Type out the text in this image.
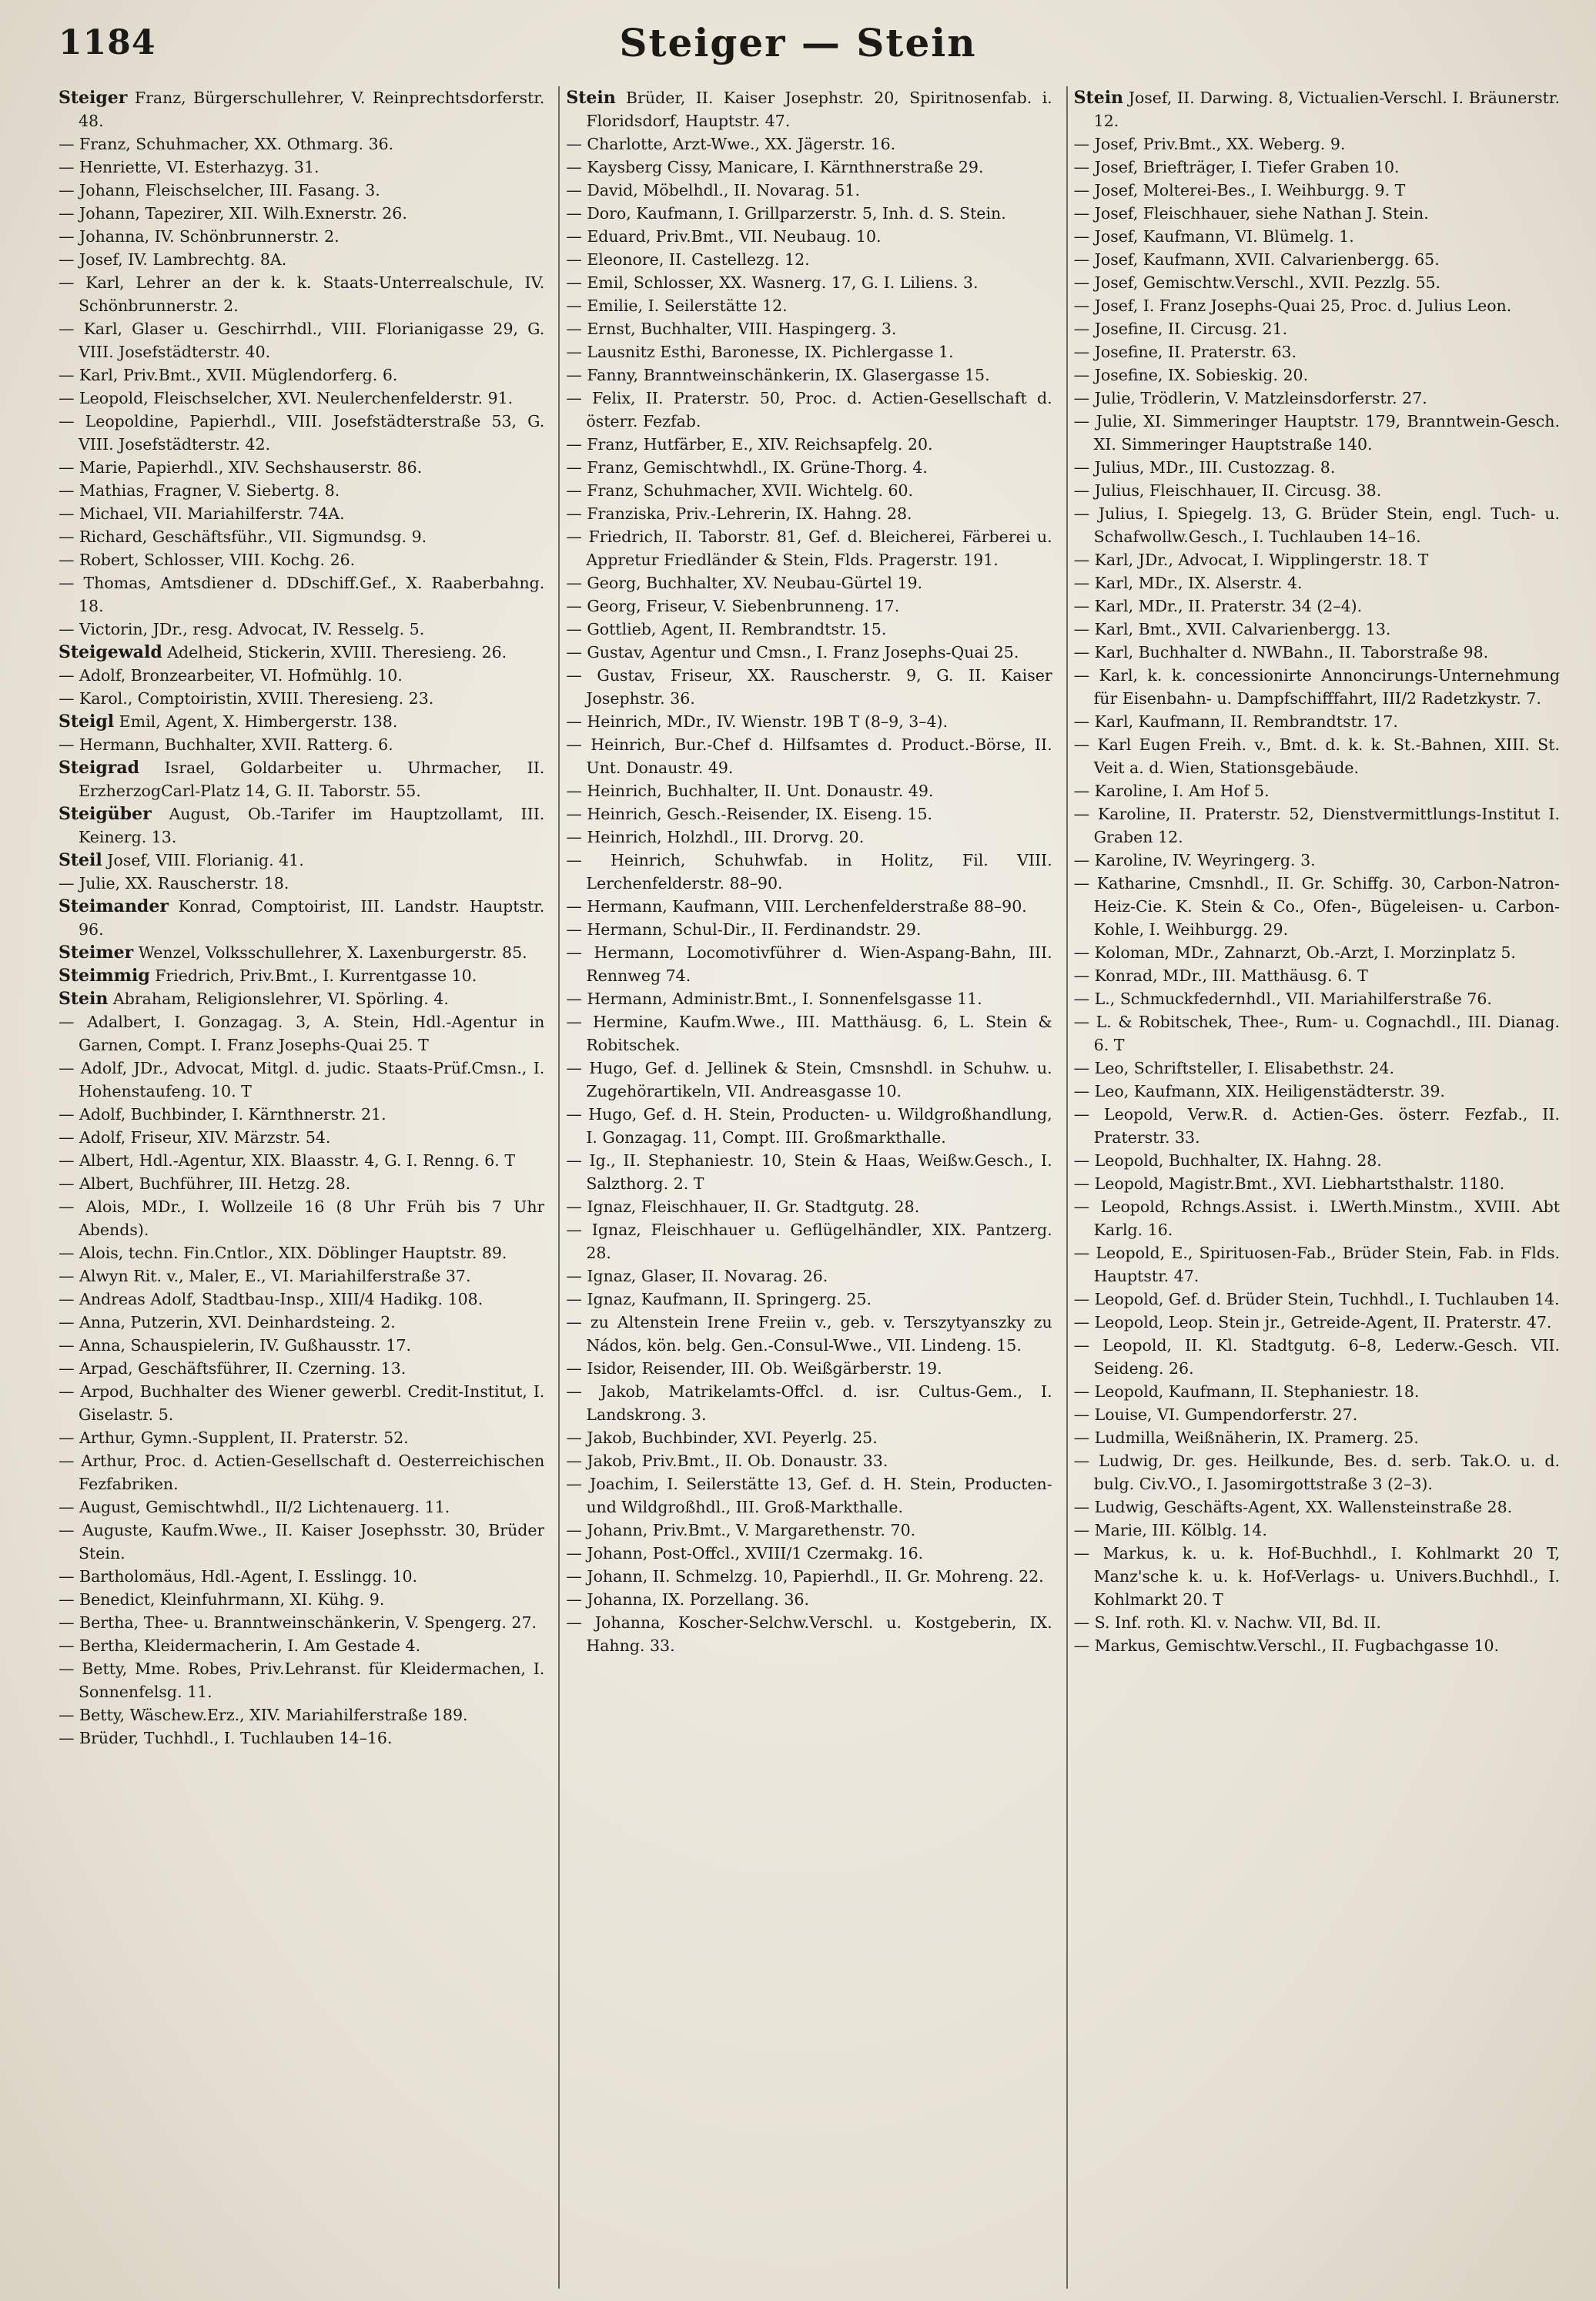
1184	Steiger — Stein

Steiger Franz, Bürgerschullehrer, V. Reinprechtsdorferstr. 48.

— Franz, Schuhmacher, XX. Othmarg. 36.

— Henriette, VI. Esterhazyg. 31.

— Johann, Fleischselcher, III. Fasang. 3.

— Johann, Tapezirer, XII. Wilh.Exnerstr. 26.

— Johanna, IV. Schönbrunnerstr. 2.

— Josef, IV. Lambrechtg. 8A.

— Karl, Lehrer an der k. k. Staats-Unterrealschule, IV. Schönbrunnerstr. 2.

— Karl, Glaser u. Geschirrhdl., VIII. Florianigasse 29, G. VIII. Josefstädterstr. 40.

— Karl, Priv.Bmt., XVII. Müglendorferg. 6.

— Leopold, Fleischselcher, XVI. Neulerchenfelderstr. 91.

— Leopoldine, Papierhdl., VIII. Josefstädterstraße 53, G. VIII. Josefstädterstr. 42.

— Marie, Papierhdl., XIV. Sechshauserstr. 86.

— Mathias, Fragner, V. Siebertg. 8.

— Michael, VII. Mariahilferstr. 74A.

— Richard, Geschäftsführ., VII. Sigmundsg. 9.

— Robert, Schlosser, VIII. Kochg. 26.

— Thomas, Amtsdiener d. DDschiff.Gef., X. Raaberbahng. 18.

— Victorin, JDr., resg. Advocat, IV. Resselg. 5.

Steigewald Adelheid, Stickerin, XVIII. Theresieng. 26.

— Adolf, Bronzearbeiter, VI. Hofmühlg. 10.

— Karol., Comptoiristin, XVIII. Theresieng. 23.

Steigl Emil, Agent, X. Himbergerstr. 138.

— Hermann, Buchhalter, XVII. Ratterg. 6.

Steigrad Israel, Goldarbeiter u. Uhrmacher, II. ErzherzogCarl-Platz 14, G. II. Taborstr. 55.

Steigüber August, Ob.-Tarifer im Hauptzollamt, III. Keinerg. 13.

Steil Josef, VIII. Florianig. 41.

— Julie, XX. Rauscherstr. 18.

Steimander Konrad, Comptoirist, III. Landstr. Hauptstr. 96.

Steimer Wenzel, Volksschullehrer, X. Laxenburgerstr. 85.

Steimmig Friedrich, Priv.Bmt., I. Kurrentgasse 10.

Stein Abraham, Religionslehrer, VI. Spörling. 4.

— Adalbert, I. Gonzagag. 3, A. Stein, Hdl.-Agentur in Garnen, Compt. I. Franz Josephs-Quai 25. T

— Adolf, JDr., Advocat, Mitgl. d. judic. Staats-Prüf.Cmsn., I. Hohenstaufeng. 10. T

— Adolf, Buchbinder, I. Kärnthnerstr. 21.

— Adolf, Friseur, XIV. Märzstr. 54.

— Albert, Hdl.-Agentur, XIX. Blaasstr. 4, G. I. Renng. 6. T

— Albert, Buchführer, III. Hetzg. 28.

— Alois, MDr., I. Wollzeile 16 (8 Uhr Früh bis 7 Uhr Abends).

— Alois, techn. Fin.Cntlor., XIX. Döblinger Hauptstr. 89.

— Alwyn Rit. v., Maler, E., VI. Mariahilferstraße 37.

— Andreas Adolf, Stadtbau-Insp., XIII/4 Hadikg. 108.

— Anna, Putzerin, XVI. Deinhardsteing. 2.

— Anna, Schauspielerin, IV. Gußhausstr. 17.

— Arpad, Geschäftsführer, II. Czerning. 13.

— Arpod, Buchhalter des Wiener gewerbl. Credit-Institut, I. Giselastr. 5.

— Arthur, Gymn.-Supplent, II. Praterstr. 52.

— Arthur, Proc. d. Actien-Gesellschaft d. Oesterreichischen Fezfabriken.

— August, Gemischtwhdl., II/2 Lichtenauerg. 11.

— Auguste, Kaufm.Wwe., II. Kaiser Josephsstr. 30, Brüder Stein.

— Bartholomäus, Hdl.-Agent, I. Esslingg. 10.

— Benedict, Kleinfuhrmann, XI. Kühg. 9.

— Bertha, Thee- u. Branntweinschänkerin, V. Spengerg. 27.

— Bertha, Kleidermacherin, I. Am Gestade 4.

— Betty, Mme. Robes, Priv.Lehranst. für Kleidermachen, I. Sonnenfelsg. 11.

— Betty, Wäschew.Erz., XIV. Mariahilferstraße 189.

— Brüder, Tuchhdl., I. Tuchlauben 14–16.

Stein Brüder, II. Kaiser Josephstr. 20, Spiritnosenfab. i. Floridsdorf, Hauptstr. 47.

— Charlotte, Arzt-Wwe., XX. Jägerstr. 16.

— Kaysberg Cissy, Manicare, I. Kärnthnerstraße 29.

— David, Möbelhdl., II. Novarag. 51.

— Doro, Kaufmann, I. Grillparzerstr. 5, Inh. d. S. Stein.

— Eduard, Priv.Bmt., VII. Neubaug. 10.

— Eleonore, II. Castellezg. 12.

— Emil, Schlosser, XX. Wasnerg. 17, G. I. Liliens. 3.

— Emilie, I. Seilerstätte 12.

— Ernst, Buchhalter, VIII. Haspingerg. 3.

— Lausnitz Esthi, Baronesse, IX. Pichlergasse 1.

— Fanny, Branntweinschänkerin, IX. Glasergasse 15.

— Felix, II. Praterstr. 50, Proc. d. Actien-Gesellschaft d. österr. Fezfab.

— Franz, Hutfärber, E., XIV. Reichsapfelg. 20.

— Franz, Gemischtwhdl., IX. Grüne-Thorg. 4.

— Franz, Schuhmacher, XVII. Wichtelg. 60.

— Franziska, Priv.-Lehrerin, IX. Hahng. 28.

— Friedrich, II. Taborstr. 81, Gef. d. Bleicherei, Färberei u. Appretur Friedländer & Stein, Flds. Pragerstr. 191.

— Georg, Buchhalter, XV. Neubau-Gürtel 19.

— Georg, Friseur, V. Siebenbrunneng. 17.

— Gottlieb, Agent, II. Rembrandtstr. 15.

— Gustav, Agentur und Cmsn., I. Franz Josephs-Quai 25.

— Gustav, Friseur, XX. Rauscherstr. 9, G. II. Kaiser Josephstr. 36.

— Heinrich, MDr., IV. Wienstr. 19B T (8–9, 3–4).

— Heinrich, Bur.-Chef d. Hilfsamtes d. Product.-Börse, II. Unt. Donaustr. 49.

— Heinrich, Buchhalter, II. Unt. Donaustr. 49.

— Heinrich, Gesch.-Reisender, IX. Eiseng. 15.

— Heinrich, Holzhdl., III. Drorvg. 20.

— Heinrich, Schuhwfab. in Holitz, Fil. VIII. Lerchenfelderstr. 88–90.

— Hermann, Kaufmann, VIII. Lerchenfelderstraße 88–90.

— Hermann, Schul-Dir., II. Ferdinandstr. 29.

— Hermann, Locomotivführer d. Wien-Aspang-Bahn, III. Rennweg 74.

— Hermann, Administr.Bmt., I. Sonnenfelsgasse 11.

— Hermine, Kaufm.Wwe., III. Matthäusg. 6, L. Stein & Robitschek.

— Hugo, Gef. d. Jellinek & Stein, Cmsnshdl. in Schuhw. u. Zugehörartikeln, VII. Andreasgasse 10.

— Hugo, Gef. d. H. Stein, Producten- u. Wildgroßhandlung, I. Gonzagag. 11, Compt. III. Großmarkthalle.

— Ig., II. Stephaniestr. 10, Stein & Haas, Weißw.Gesch., I. Salzthorg. 2. T

— Ignaz, Fleischhauer, II. Gr. Stadtgutg. 28.

— Ignaz, Fleischhauer u. Geflügelhändler, XIX. Pantzerg. 28.

— Ignaz, Glaser, II. Novarag. 26.

— Ignaz, Kaufmann, II. Springerg. 25.

— zu Altenstein Irene Freiin v., geb. v. Terszytyanszky zu Nádos, kön. belg. Gen.-Consul-Wwe., VII. Lindeng. 15.

— Isidor, Reisender, III. Ob. Weißgärberstr. 19.

— Jakob, Matrikelamts-Offcl. d. isr. Cultus-Gem., I. Landskrong. 3.

— Jakob, Buchbinder, XVI. Peyerlg. 25.

— Jakob, Priv.Bmt., II. Ob. Donaustr. 33.

— Joachim, I. Seilerstätte 13, Gef. d. H. Stein, Producten- und Wildgroßhdl., III. Groß-Markthalle.

— Johann, Priv.Bmt., V. Margarethenstr. 70.

— Johann, Post-Offcl., XVIII/1 Czermakg. 16.

— Johann, II. Schmelzg. 10, Papierhdl., II. Gr. Mohreng. 22.

— Johanna, IX. Porzellang. 36.

— Johanna, Koscher-Selchw.Verschl. u. Kostgeberin, IX. Hahng. 33.

Stein Josef, II. Darwing. 8, Victualien-Verschl. I. Bräunerstr. 12.

— Josef, Priv.Bmt., XX. Weberg. 9.

— Josef, Briefträger, I. Tiefer Graben 10.

— Josef, Molterei-Bes., I. Weihburgg. 9. T

— Josef, Fleischhauer, siehe Nathan J. Stein.

— Josef, Kaufmann, VI. Blümelg. 1.

— Josef, Kaufmann, XVII. Calvarienbergg. 65.

— Josef, Gemischtw.Verschl., XVII. Pezzlg. 55.

— Josef, I. Franz Josephs-Quai 25, Proc. d. Julius Leon.

— Josefine, II. Circusg. 21.

— Josefine, II. Praterstr. 63.

— Josefine, IX. Sobieskig. 20.

— Julie, Trödlerin, V. Matzleinsdorferstr. 27.

— Julie, XI. Simmeringer Hauptstr. 179, Branntwein-Gesch. XI. Simmeringer Hauptstraße 140.

— Julius, MDr., III. Custozzag. 8.

— Julius, Fleischhauer, II. Circusg. 38.

— Julius, I. Spiegelg. 13, G. Brüder Stein, engl. Tuch- u. Schafwollw.Gesch., I. Tuchlauben 14–16.

— Karl, JDr., Advocat, I. Wipplingerstr. 18. T

— Karl, MDr., IX. Alserstr. 4.

— Karl, MDr., II. Praterstr. 34 (2–4).

— Karl, Bmt., XVII. Calvarienbergg. 13.

— Karl, Buchhalter d. NWBahn., II. Taborstraße 98.

— Karl, k. k. concessionirte Annoncirungs-Unternehmung für Eisenbahn- u. Dampfschifffahrt, III/2 Radetzkystr. 7.

— Karl, Kaufmann, II. Rembrandtstr. 17.

— Karl Eugen Freih. v., Bmt. d. k. k. St.-Bahnen, XIII. St. Veit a. d. Wien, Stationsgebäude.

— Karoline, I. Am Hof 5.

— Karoline, II. Praterstr. 52, Dienstvermittlungs-Institut I. Graben 12.

— Karoline, IV. Weyringerg. 3.

— Katharine, Cmsnhdl., II. Gr. Schiffg. 30, Carbon-Natron-Heiz-Cie. K. Stein & Co., Ofen-, Bügeleisen- u. Carbon-Kohle, I. Weihburgg. 29.

— Koloman, MDr., Zahnarzt, Ob.-Arzt, I. Morzinplatz 5.

— Konrad, MDr., III. Matthäusg. 6. T

— L., Schmuckfedernhdl., VII. Mariahilferstraße 76.

— L. & Robitschek, Thee-, Rum- u. Cognachdl., III. Dianag. 6. T

— Leo, Schriftsteller, I. Elisabethstr. 24.

— Leo, Kaufmann, XIX. Heiligenstädterstr. 39.

— Leopold, Verw.R. d. Actien-Ges. österr. Fezfab., II. Praterstr. 33.

— Leopold, Buchhalter, IX. Hahng. 28.

— Leopold, Magistr.Bmt., XVI. Liebhartsthalstr. 1180.

— Leopold, Rchngs.Assist. i. LWerth.Minstm., XVIII. Abt Karlg. 16.

— Leopold, E., Spirituosen-Fab., Brüder Stein, Fab. in Flds. Hauptstr. 47.

— Leopold, Gef. d. Brüder Stein, Tuchhdl., I. Tuchlauben 14.

— Leopold, Leop. Stein jr., Getreide-Agent, II. Praterstr. 47.

— Leopold, II. Kl. Stadtgutg. 6–8, Lederw.-Gesch. VII. Seideng. 26.

— Leopold, Kaufmann, II. Stephaniestr. 18.

— Louise, VI. Gumpendorferstr. 27.

— Ludmilla, Weißnäherin, IX. Pramerg. 25.

— Ludwig, Dr. ges. Heilkunde, Bes. d. serb. Tak.O. u. d. bulg. Civ.VO., I. Jasomirgottstraße 3 (2–3).

— Ludwig, Geschäfts-Agent, XX. Wallensteinstraße 28.

— Marie, III. Kölblg. 14.

— Markus, k. u. k. Hof-Buchhdl., I. Kohlmarkt 20 T, Manz'sche k. u. k. Hof-Verlags- u. Univers.Buchhdl., I. Kohlmarkt 20. T

— S. Inf. roth. Kl. v. Nachw. VII, Bd. II.

— Markus, Gemischtw.Verschl., II. Fugbachgasse 10.
